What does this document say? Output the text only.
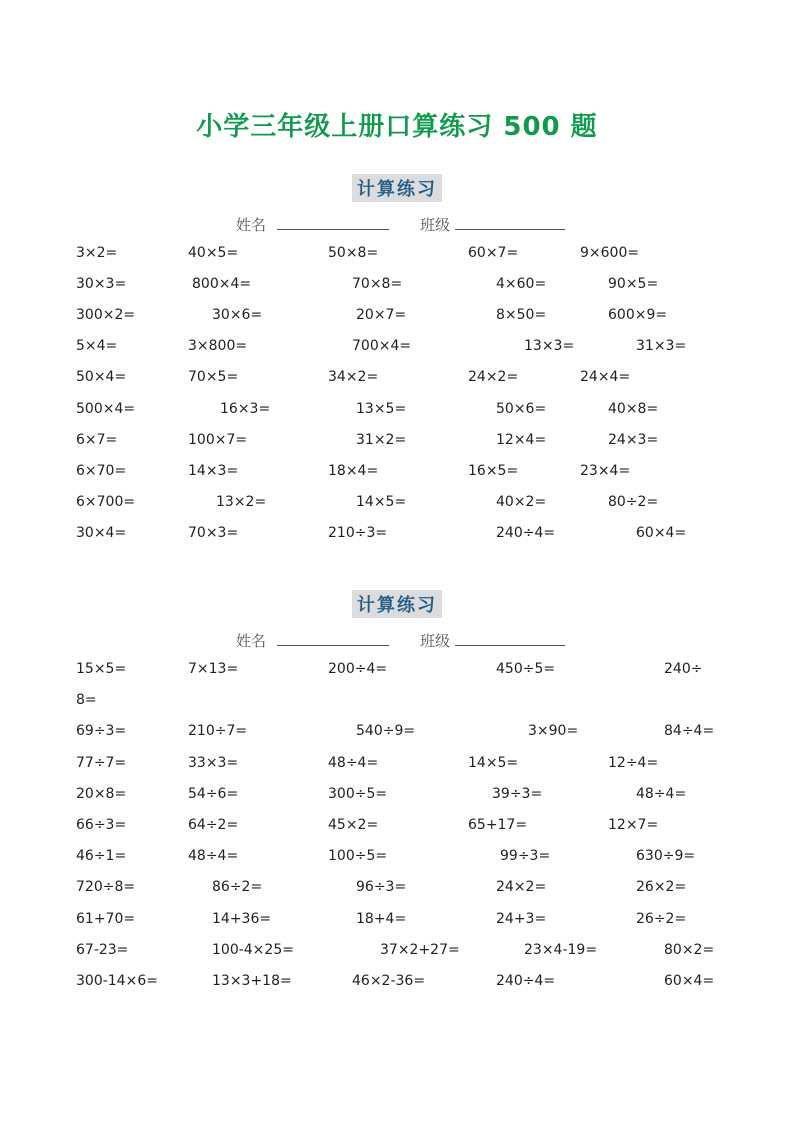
小学三年级上册口算练习 500 题
计算练习
姓名	班级
3×2=	40×5=	50×8=	60×7=	9×600=
30×3=	800×4=	70×8=	4×60=	90×5=
300×2=	30×6=	20×7=	8×50=	600×9=
5×4=	3×800=	700×4=	13×3=	31×3=
50×4=	70×5=	34×2=	24×2=	24×4=
500×4=	16×3=	13×5=	50×6=	40×8=
6×7=	100×7=	31×2=	12×4=	24×3=
6×70=	14×3=	18×4=	16×5=	23×4=
6×700=	13×2=	14×5=	40×2=	80÷2=
30×4=	70×3=	210÷3=	240÷4=	60×4=
计算练习
姓名	班级
15×5=	7×13=	200÷4=	450÷5=	240÷
8=
69÷3=	210÷7=	540÷9=	3×90=	84÷4=
77÷7=	33×3=	48÷4=	14×5=	12÷4=
20×8=	54÷6=	300÷5=	39÷3=	48÷4=
66÷3=	64÷2=	45×2=	65+17=	12×7=
46÷1=	48÷4=	100÷5=	99÷3=	630÷9=
720÷8=	86÷2=	96÷3=	24×2=	26×2=
61+70=	14+36=	18+4=	24+3=	26÷2=
67-23=	100-4×25=	37×2+27=	23×4-19=	80×2=
300-14×6=	13×3+18=	46×2-36=	240÷4=	60×4=
